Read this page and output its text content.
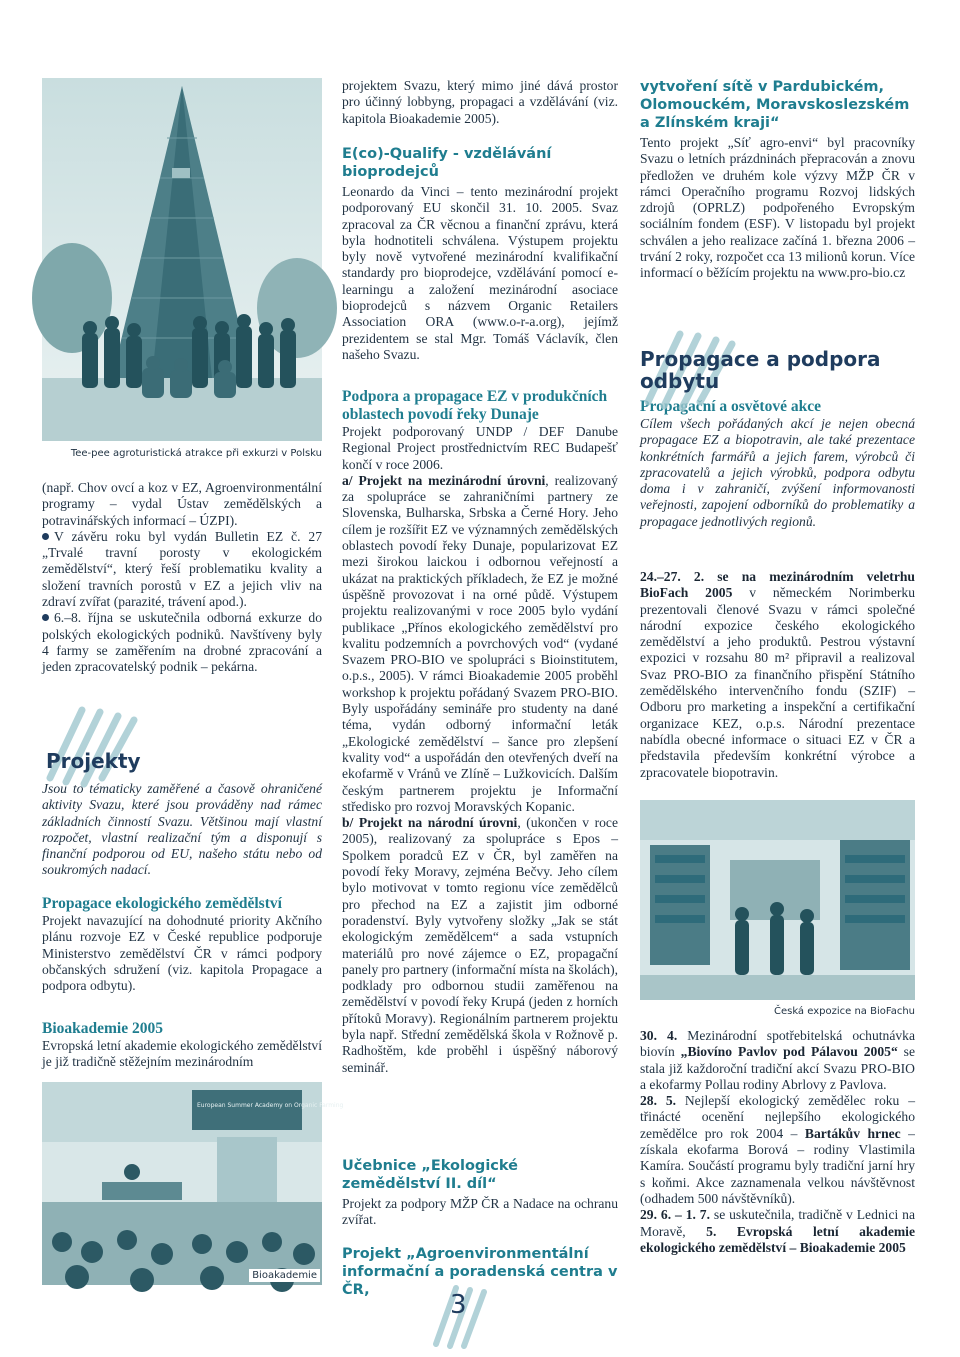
Tee-pee agroturistická atrakce při exkurzi v Polsku

(např. Chov ovcí a koz v EZ, Agroenvironmentální programy – vydal Ústav zemědělských a potravinářských informací – ÚZPI).

V závěru roku byl vydán Bulletin EZ č. 27 „Trvalé travní porosty v ekologickém zemědělství“, který řeší problematiku kvality a složení travních porostů v EZ a jejich vliv na zdraví zvířat (parazité, trávení apod.).

6.–8. října se uskutečnila odborná exkurze do polských ekologických podniků. Navštíveny byly 4 farmy se zaměřením na drobné zpracování a jeden zpracovatelský podnik – pekárna.

Projekty

Jsou to tématicky zaměřené a časově ohraničené aktivity Svazu, které jsou prováděny nad rámec základních činností Svazu. Většinou mají vlastní rozpočet, vlastní realizační tým a disponují s finanční podporou od EU, našeho státu nebo od soukromých nadací.

Propagace ekologického zemědělství

Projekt navazující na dohodnuté priority Akčního plánu rozvoje EZ v České republice podporuje Ministerstvo zemědělství ČR v rámci podpory občanských sdružení (viz. kapitola Propagace a podpora odbytu).

Bioakademie 2005

Evropská letní akademie ekologického zemědělství je již tradičně stěžejním mezinárodním

European Summer Academy on Organic Farming

Bioakademie

projektem Svazu, který mimo jiné dává prostor pro účinný lobbyng, propagaci a vzdělávání (viz. kapitola Bioakademie 2005).

E(co)-Qualify - vzdělávání bioprodejců

Leonardo da Vinci – tento mezinárodní projekt podporovaný EU skončil 31. 10. 2005. Svaz zpracoval za ČR věcnou a finanční zprávu, která byla hodnotiteli schválena. Výstupem projektu byly nově vytvořené mezinárodní kvalifikační standardy pro bioprodejce, vzdělávání pomocí e-learningu a založení mezinárodní asociace bioprodejců s názvem Organic Retailers Association ORA (www.o-r-a.org), jejímž prezidentem se stal Mgr. Tomáš Václavík, člen našeho Svazu.

Podpora a propagace EZ v produkčních oblastech povodí řeky Dunaje

Projekt podporovaný UNDP / DEF Danube Regional Project prostřednictvím REC Budapešť končí v roce 2006.

a/ Projekt na mezinárodní úrovni, realizovaný za spolupráce se zahraničními partnery ze Slovenska, Bulharska, Srbska a Černé Hory. Jeho cílem je rozšířit EZ ve významných zemědělských oblastech povodí řeky Dunaje, popularizovat EZ mezi širokou laickou i odbornou veřejností a ukázat na praktických příkladech, že EZ je možné úspěšně provozovat i na orné půdě. Výstupem projektu realizovanými v roce 2005 bylo vydání publikace „Přínos ekologického zemědělství pro kvalitu podzemních a povrchových vod“ (vydané Svazem PRO-BIO ve spolupráci s Bioinstitutem, o.p.s., 2005). V rámci Bioakademie 2005 proběhl workshop k projektu pořádaný Svazem PRO-BIO. Byly uspořádány semináře pro studenty na dané téma, vydán odborný informační leták „Ekologické zemědělství – šance pro zlepšení kvality vod“ a uspořádán den otevřených dveří na ekofarmě v Vránů ve Zlíně – Lužkovicích. Dalším českým partnerem projektu je Informační středisko pro rozvoj Moravských Kopanic.

b/ Projekt na národní úrovni, (ukončen v roce 2005), realizovaný za spolupráce s Epos – Spolkem poradců EZ v ČR, byl zaměřen na povodí řeky Moravy, zejména Bečvy. Jeho cílem bylo motivovat v tomto regionu více zemědělců pro přechod na EZ a zajistit jim odborné poradenství. Byly vytvořeny složky „Jak se stát ekologickým zemědělcem“ a sada vstupních materiálů pro nové zájemce o EZ, propagační panely pro partnery (informační místa na školách), podklady pro odbornou studii zaměřenou na zemědělství v povodí řeky Krupá (jeden z horních přítoků Moravy). Regionálním partnerem projektu byla např. Střední zemědělská škola v Rožnově p. Radhoštěm, kde proběhl i úspěšný náborový seminář.

Učebnice „Ekologické zemědělství II. díl“

Projekt za podpory MŽP ČR a Nadace na ochranu zvířat.

Projekt „Agroenvironmentální informační a poradenská centra v ČR,	3

vytvoření sítě v Pardubickém, Olomouckém, Moravskoslezském a Zlínském kraji“

Tento projekt „Síť agro-envi“ byl pracovníky Svazu o letních prázdninách přepracován a znovu předložen ve druhém kole výzvy MŽP ČR v rámci Operačního programu Rozvoj lidských zdrojů (OPRLZ) podpořeného Evropským sociálním fondem (ESF). V listopadu byl projekt schválen a jeho realizace začíná 1. března 2006 – trvání 2 roky, rozpočet cca 13 milionů korun. Více informací o běžícím projektu na www.pro-bio.cz

Propagace a podpora odbytu

Propagační a osvětové akce

Cílem všech pořádaných akcí je nejen obecná propagace EZ a biopotravin, ale také prezentace konkrétních farmářů a jejich farem, výrobců či zpracovatelů a jejich výrobků, podpora odbytu doma i v zahraničí, zvýšení informovanosti veřejnosti, zapojení odborníků do problematiky a propagace jednotlivých regionů.

24.–27. 2. se na mezinárodním veletrhu BioFach 2005 v německém Norimberku prezentovali členové Svazu v rámci společné národní expozice českého ekologického zemědělství a jeho produktů. Pestrou výstavní expozici v rozsahu 80 m² připravil a realizoval Svaz PRO-BIO za finančního přispění Státního zemědělského intervenčního fondu (SZIF) – Odboru pro marketing a inspekční a certifikační organizace KEZ, o.p.s. Národní prezentace nabídla obecné informace o situaci EZ v ČR a představila především konkrétní výrobce a zpracovatele biopotravin.

Česká expozice na BioFachu

30. 4. Mezinárodní spotřebitelská ochutnávka biovín „Biovíno Pavlov pod Pálavou 2005“ se stala již každoroční tradiční akcí Svazu PRO-BIO a ekofarmy Pollau rodiny Abrlovy z Pavlova.

28. 5. Nejlepší ekologický zemědělec roku – třinácté ocenění nejlepšího ekologického zemědělce pro rok 2004 – Bartákův hrnec – získala ekofarma Borová – rodiny Vlastimila Kamíra. Součástí programu byly tradiční jarní hry s koňmi. Akce zaznamenala velkou návštěvnost (odhadem 500 návštěvníků).

29. 6. – 1. 7. se uskutečnila, tradičně v Lednici na Moravě, 5. Evropská letní akademie ekologického zemědělství – Bioakademie 2005
